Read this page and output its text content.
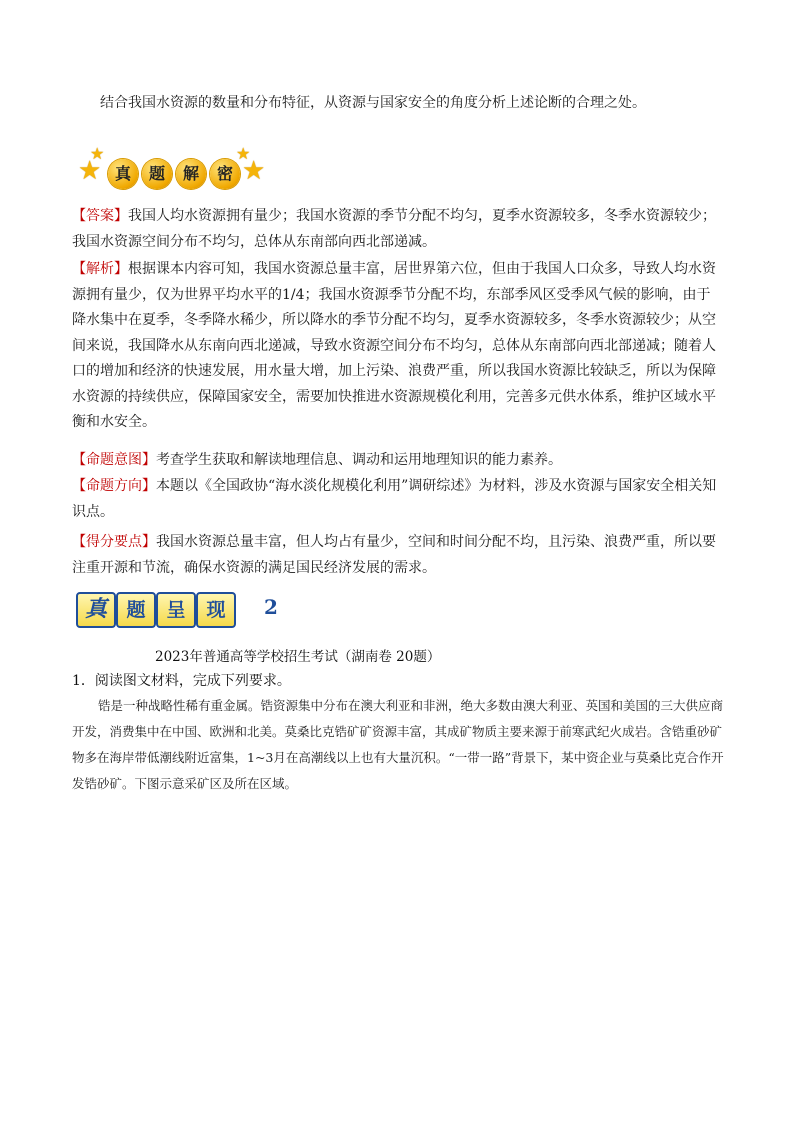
结合我国水资源的数量和分布特征，从资源与国家安全的角度分析上述论断的合理之处。
★
★
真	题	解	密 ★
★
【答案】我国人均水资源拥有量少；我国水资源的季节分配不均匀，夏季水资源较多，冬季水资源较少；我国水资源空间分布不均匀，总体从东南部向西北部递减。
【解析】根据课本内容可知，我国水资源总量丰富，居世界第六位，但由于我国人口众多，导致人均水资源拥有量少，仅为世界平均水平的1/4；我国水资源季节分配不均，东部季风区受季风气候的影响，由于降水集中在夏季，冬季降水稀少，所以降水的季节分配不均匀，夏季水资源较多，冬季水资源较少；从空间来说，我国降水从东南向西北递减，导致水资源空间分布不均匀，总体从东南部向西北部递减；随着人口的增加和经济的快速发展，用水量大增，加上污染、浪费严重，所以我国水资源比较缺乏，所以为保障水资源的持续供应，保障国家安全，需要加快推进水资源规模化利用，完善多元供水体系，维护区域水平衡和水安全。
【命题意图】考查学生获取和解读地理信息、调动和运用地理知识的能力素养。
【命题方向】本题以《全国政协“海水淡化规模化利用”调研综述》为材料，涉及水资源与国家安全相关知识点。
【得分要点】我国水资源总量丰富，但人均占有量少，空间和时间分配不均，且污染、浪费严重，所以要注重开源和节流，确保水资源的满足国民经济发展的需求。
真	题	呈	现	2
2023年普通高等学校招生考试（湖南卷 20题）
1．阅读图文材料，完成下列要求。
锆是一种战略性稀有重金属。锆资源集中分布在澳大利亚和非洲，绝大多数由澳大利亚、英国和美国的三大供应商开发，消费集中在中国、欧洲和北美。莫桑比克锆矿矿资源丰富，其成矿物质主要来源于前寒武纪火成岩。含锆重砂矿物多在海岸带低潮线附近富集，1~3月在高潮线以上也有大量沉积。“一带一路”背景下，某中资企业与莫桑比克合作开发锆砂矿。下图示意采矿区及所在区域。
